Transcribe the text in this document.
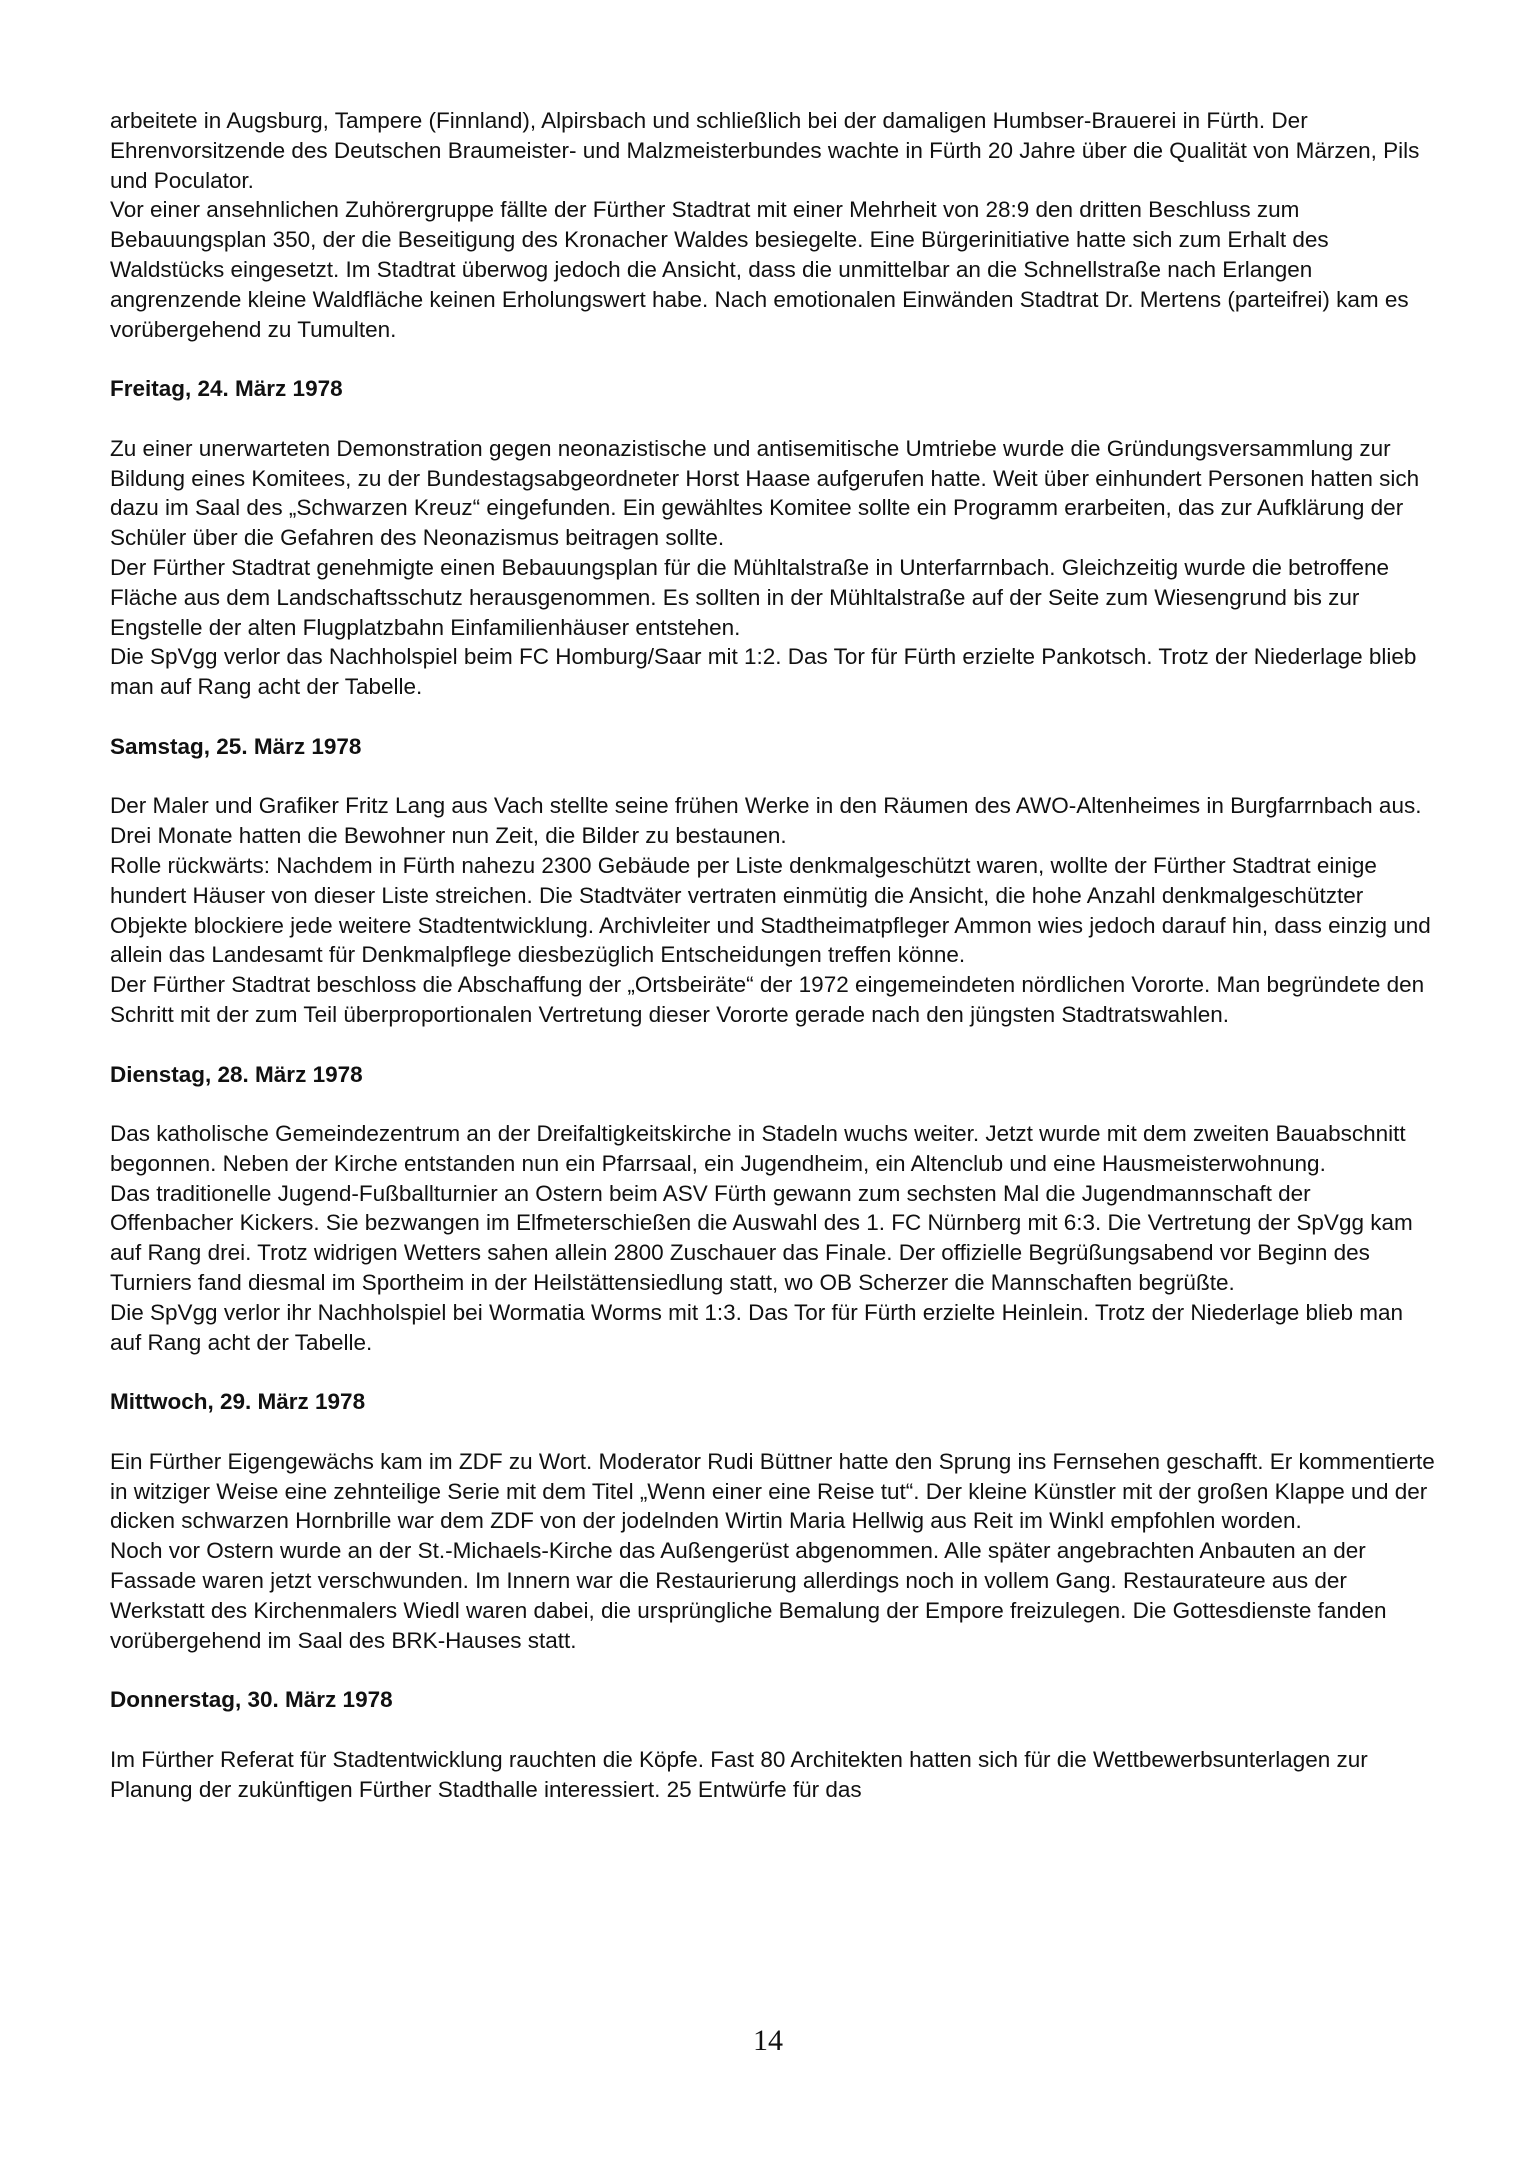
arbeitete in Augsburg, Tampere (Finnland), Alpirsbach und schließlich bei der damaligen Humbser-Brauerei in Fürth. Der Ehrenvorsitzende des Deutschen Braumeister- und Malzmeisterbundes wachte in Fürth 20 Jahre über die Qualität von Märzen, Pils und Poculator.

Vor einer ansehnlichen Zuhörergruppe fällte der Fürther Stadtrat mit einer Mehrheit von 28:9 den dritten Beschluss zum Bebauungsplan 350, der die Beseitigung des Kronacher Waldes besiegelte. Eine Bürgerinitiative hatte sich zum Erhalt des Waldstücks eingesetzt. Im Stadtrat überwog jedoch die Ansicht, dass die unmittelbar an die Schnellstraße nach Erlangen angrenzende kleine Waldfläche keinen Erholungswert habe. Nach emotionalen Einwänden Stadtrat Dr. Mertens (parteifrei) kam es vorübergehend zu Tumulten.

Freitag, 24. März 1978

Zu einer unerwarteten Demonstration gegen neonazistische und antisemitische Umtriebe wurde die Gründungsversammlung zur Bildung eines Komitees, zu der Bundestagsabgeordneter Horst Haase aufgerufen hatte. Weit über einhundert Personen hatten sich dazu im Saal des „Schwarzen Kreuz“ eingefunden. Ein gewähltes Komitee sollte ein Programm erarbeiten, das zur Aufklärung der Schüler über die Gefahren des Neonazismus beitragen sollte.

Der Fürther Stadtrat genehmigte einen Bebauungsplan für die Mühltalstraße in Unterfarrnbach. Gleichzeitig wurde die betroffene Fläche aus dem Landschaftsschutz herausgenommen. Es sollten in der Mühltalstraße auf der Seite zum Wiesengrund bis zur Engstelle der alten Flugplatzbahn Einfamilienhäuser entstehen.

Die SpVgg verlor das Nachholspiel beim FC Homburg/Saar mit 1:2. Das Tor für Fürth erzielte Pankotsch. Trotz der Niederlage blieb man auf Rang acht der Tabelle.

Samstag, 25. März 1978

Der Maler und Grafiker Fritz Lang aus Vach stellte seine frühen Werke in den Räumen des AWO-Altenheimes in Burgfarrnbach aus. Drei Monate hatten die Bewohner nun Zeit, die Bilder zu bestaunen.

Rolle rückwärts: Nachdem in Fürth nahezu 2300 Gebäude per Liste denkmalgeschützt waren, wollte der Fürther Stadtrat einige hundert Häuser von dieser Liste streichen. Die Stadtväter vertraten einmütig die Ansicht, die hohe Anzahl denkmalgeschützter Objekte blockiere jede weitere Stadtentwicklung. Archivleiter und Stadtheimatpfleger Ammon wies jedoch darauf hin, dass einzig und allein das Landesamt für Denkmalpflege diesbezüglich Entscheidungen treffen könne.

Der Fürther Stadtrat beschloss die Abschaffung der „Ortsbeiräte“ der 1972 eingemeindeten nördlichen Vororte. Man begründete den Schritt mit der zum Teil überproportionalen Vertretung dieser Vororte gerade nach den jüngsten Stadtratswahlen.

Dienstag, 28. März 1978

Das katholische Gemeindezentrum an der Dreifaltigkeitskirche in Stadeln wuchs weiter. Jetzt wurde mit dem zweiten Bauabschnitt begonnen. Neben der Kirche entstanden nun ein Pfarrsaal, ein Jugendheim, ein Altenclub und eine Hausmeisterwohnung.

Das traditionelle Jugend-Fußballturnier an Ostern beim ASV Fürth gewann zum sechsten Mal die Jugendmannschaft der Offenbacher Kickers. Sie bezwangen im Elfmeterschießen die Auswahl des 1. FC Nürnberg mit 6:3. Die Vertretung der SpVgg kam auf Rang drei. Trotz widrigen Wetters sahen allein 2800 Zuschauer das Finale. Der offizielle Begrüßungsabend vor Beginn des Turniers fand diesmal im Sportheim in der Heilstättensiedlung statt, wo OB Scherzer die Mannschaften begrüßte.

Die SpVgg verlor ihr Nachholspiel bei Wormatia Worms mit 1:3. Das Tor für Fürth erzielte Heinlein. Trotz der Niederlage blieb man auf Rang acht der Tabelle.

Mittwoch, 29. März 1978

Ein Fürther Eigengewächs kam im ZDF zu Wort. Moderator Rudi Büttner hatte den Sprung ins Fernsehen geschafft. Er kommentierte in witziger Weise eine zehnteilige Serie mit dem Titel „Wenn einer eine Reise tut“. Der kleine Künstler mit der großen Klappe und der dicken schwarzen Hornbrille war dem ZDF von der jodelnden Wirtin Maria Hellwig aus Reit im Winkl empfohlen worden.

Noch vor Ostern wurde an der St.-Michaels-Kirche das Außengerüst abgenommen. Alle später angebrachten Anbauten an der Fassade waren jetzt verschwunden. Im Innern war die Restaurierung allerdings noch in vollem Gang. Restaurateure aus der Werkstatt des Kirchenmalers Wiedl waren dabei, die ursprüngliche Bemalung der Empore freizulegen. Die Gottesdienste fanden vorübergehend im Saal des BRK-Hauses statt.

Donnerstag, 30. März 1978

Im Fürther Referat für Stadtentwicklung rauchten die Köpfe. Fast 80 Architekten hatten sich für die Wettbewerbsunterlagen zur Planung der zukünftigen Fürther Stadthalle interessiert. 25 Entwürfe für das

14
